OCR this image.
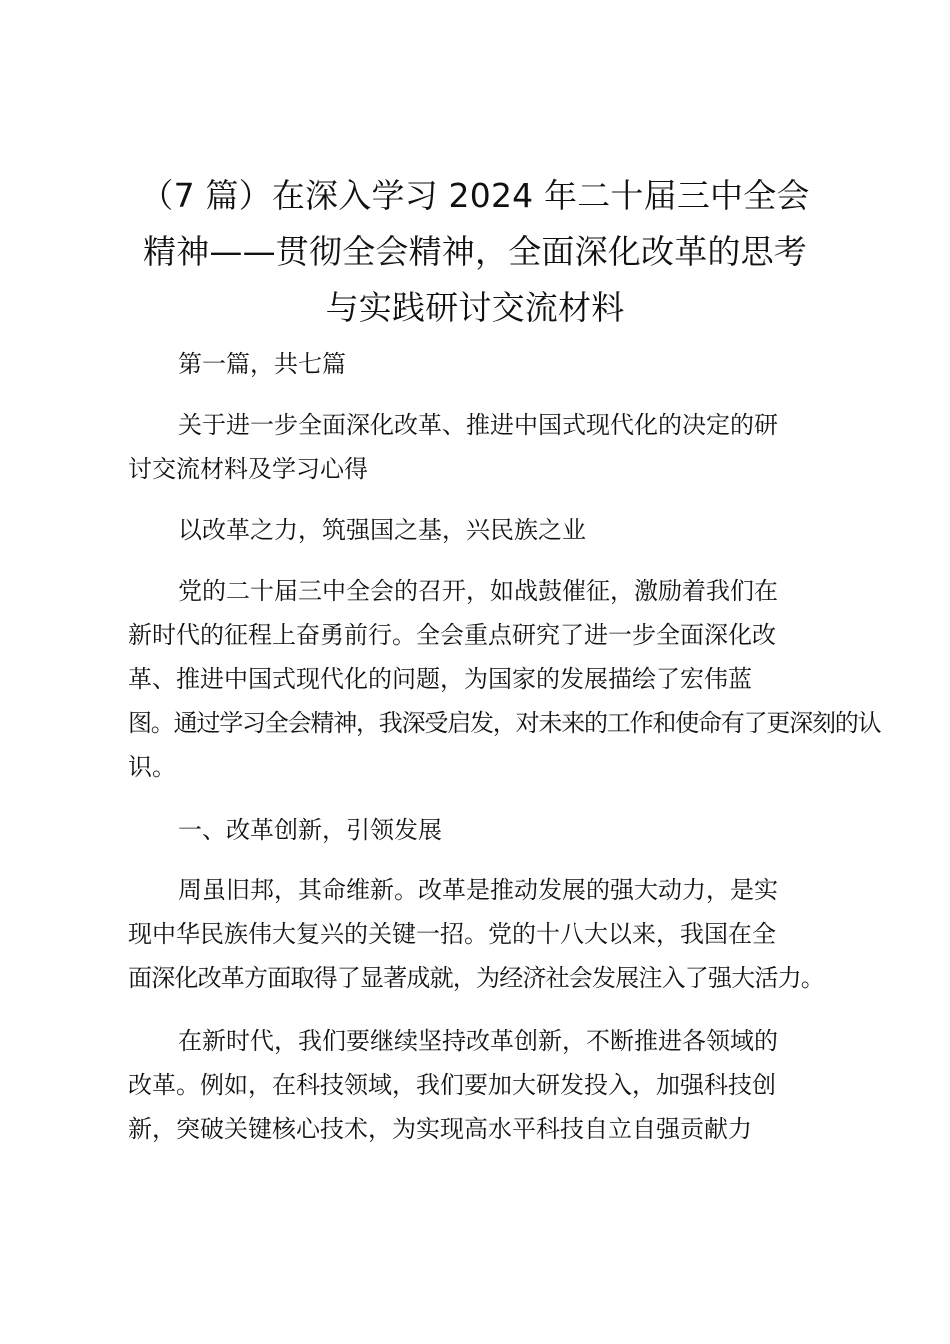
（7 篇）在深入学习 2024 年二十届三中全会
精神——贯彻全会精神，全面深化改革的思考
与实践研讨交流材料
第一篇，共七篇
关于进一步全面深化改革、推进中国式现代化的决定的研
讨交流材料及学习心得
以改革之力，筑强国之基，兴民族之业
党的二十届三中全会的召开，如战鼓催征，激励着我们在
新时代的征程上奋勇前行。全会重点研究了进一步全面深化改
革、推进中国式现代化的问题，为国家的发展描绘了宏伟蓝
图。通过学习全会精神，我深受启发，对未来的工作和使命有了更深刻的认
识。
一、改革创新，引领发展
周虽旧邦，其命维新。改革是推动发展的强大动力，是实
现中华民族伟大复兴的关键一招。党的十八大以来，我国在全
面深化改革方面取得了显著成就，为经济社会发展注入了强大活力。
在新时代，我们要继续坚持改革创新，不断推进各领域的
改革。例如，在科技领域，我们要加大研发投入，加强科技创
新，突破关键核心技术，为实现高水平科技自立自强贡献力
